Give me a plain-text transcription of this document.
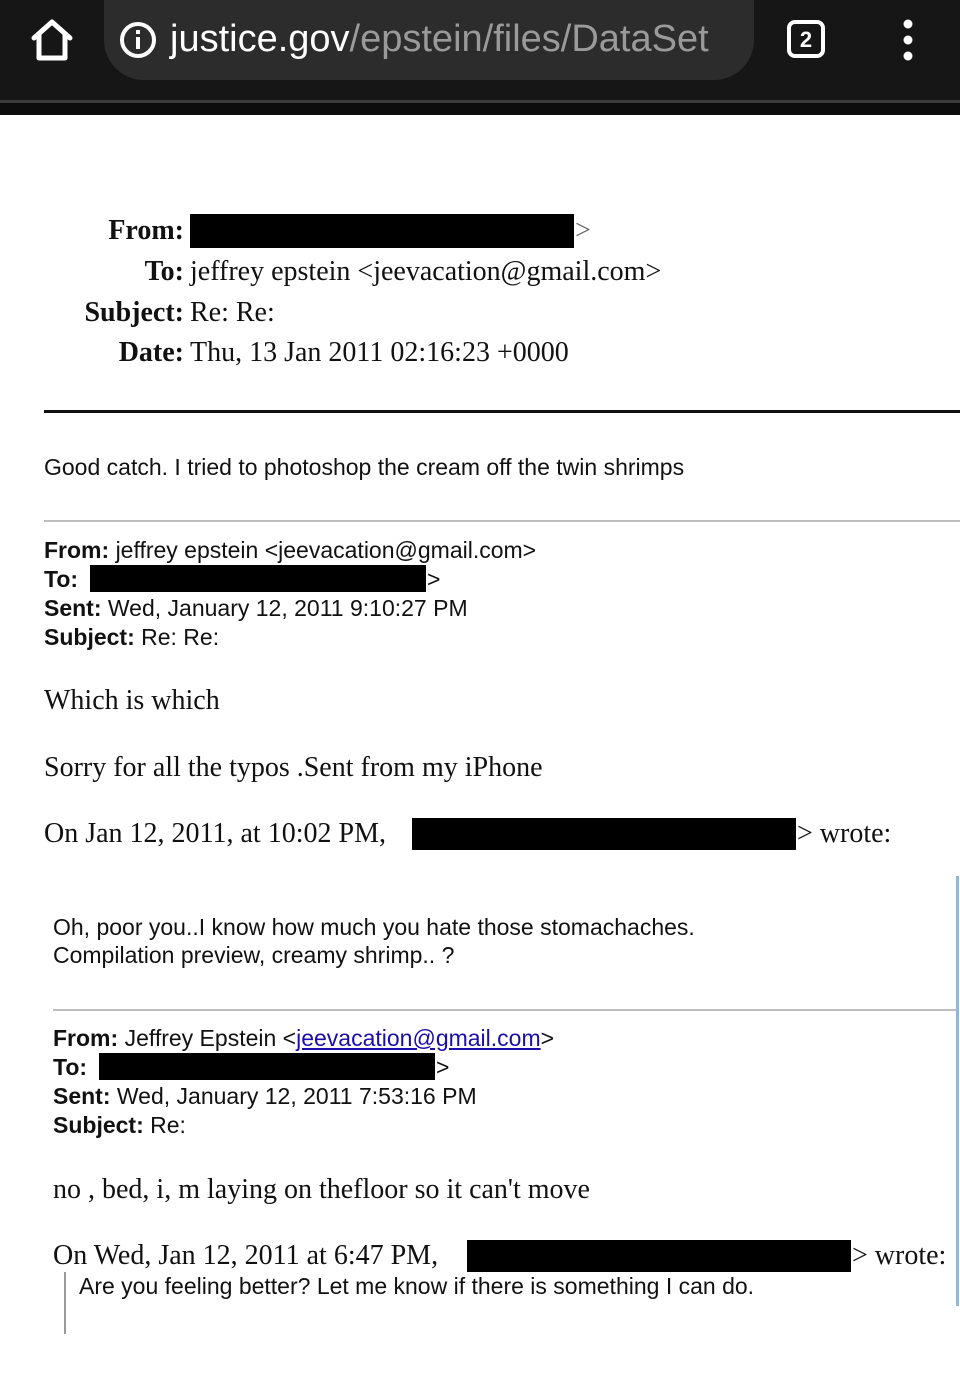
justice.gov/epstein/files/DataSet	2
From:	>
To: jeffrey epstein <jeevacation@gmail.com>
Subject: Re: Re:
Date: Thu, 13 Jan 2011 02:16:23 +0000
Good catch. I tried to photoshop the cream off the twin shrimps
From: jeffrey epstein <jeevacation@gmail.com>
To:	>
Sent: Wed, January 12, 2011 9:10:27 PM
Subject: Re: Re:
Which is which
Sorry for all the typos .Sent from my iPhone
On Jan 12, 2011, at 10:02 PM,	> wrote:
Oh, poor you..I know how much you hate those stomachaches.
Compilation preview, creamy shrimp.. ?
From: Jeffrey Epstein <jeevacation@gmail.com>
To:	>
Sent: Wed, January 12, 2011 7:53:16 PM
Subject: Re:
no , bed, i, m laying on thefloor so it can't move
On Wed, Jan 12, 2011 at 6:47 PM,	> wrote:
Are you feeling better? Let me know if there is something I can do.
